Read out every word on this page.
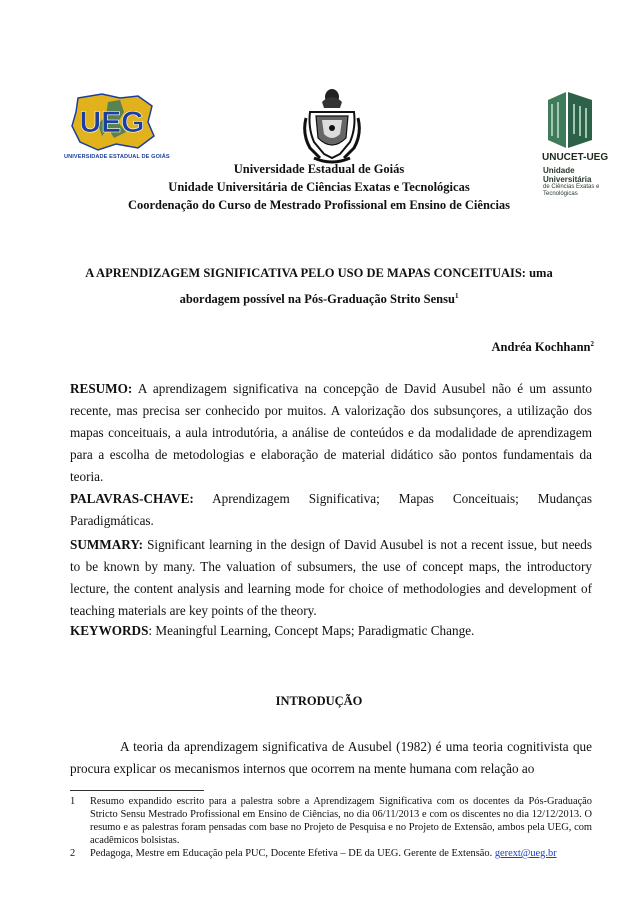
UEG
UNIVERSIDADE ESTADUAL DE GOIÁS	UNUCET-UEG
Unidade Universitária
de Ciências Exatas e Tecnológicas
Universidade Estadual de Goiás
Unidade Universitária de Ciências Exatas e Tecnológicas
Coordenação do Curso de Mestrado Profissional em Ensino de Ciências
A APRENDIZAGEM SIGNIFICATIVA PELO USO DE MAPAS CONCEITUAIS: uma
abordagem possível na Pós-Graduação Strito Sensu$^1$
Andréa Kochhann$^2$
RESUMO: A aprendizagem significativa na concepção de David Ausubel não é um assunto recente, mas precisa ser conhecido por muitos. A valorização dos subsunçores, a utilização dos mapas conceituais, a aula introdutória, a análise de conteúdos e da modalidade de aprendizagem para a escolha de metodologias e elaboração de material didático são pontos fundamentais da teoria.
PALAVRAS-CHAVE: Aprendizagem Significativa; Mapas Conceituais; Mudanças Paradigmáticas.
SUMMARY: Significant learning in the design of David Ausubel is not a recent issue, but needs to be known by many. The valuation of subsumers, the use of concept maps, the introductory lecture, the content analysis and learning mode for choice of methodologies and development of teaching materials are key points of the theory.
KEYWORDS: Meaningful Learning, Concept Maps; Paradigmatic Change.
INTRODUÇÃO
A teoria da aprendizagem significativa de Ausubel (1982) é uma teoria cognitivista que procura explicar os mecanismos internos que ocorrem na mente humana com relação ao
1 Resumo expandido escrito para a palestra sobre a Aprendizagem Significativa com os docentes da Pós-Graduação Stricto Sensu Mestrado Profissional em Ensino de Ciências, no dia 06/11/2013 e com os discentes no dia 12/12/2013. O resumo e as palestras foram pensadas com base no Projeto de Pesquisa e no Projeto de Extensão, ambos pela UEG, com acadêmicos bolsistas.
2 Pedagoga, Mestre em Educação pela PUC, Docente Efetiva – DE da UEG. Gerente de Extensão. gerext@ueg.br
